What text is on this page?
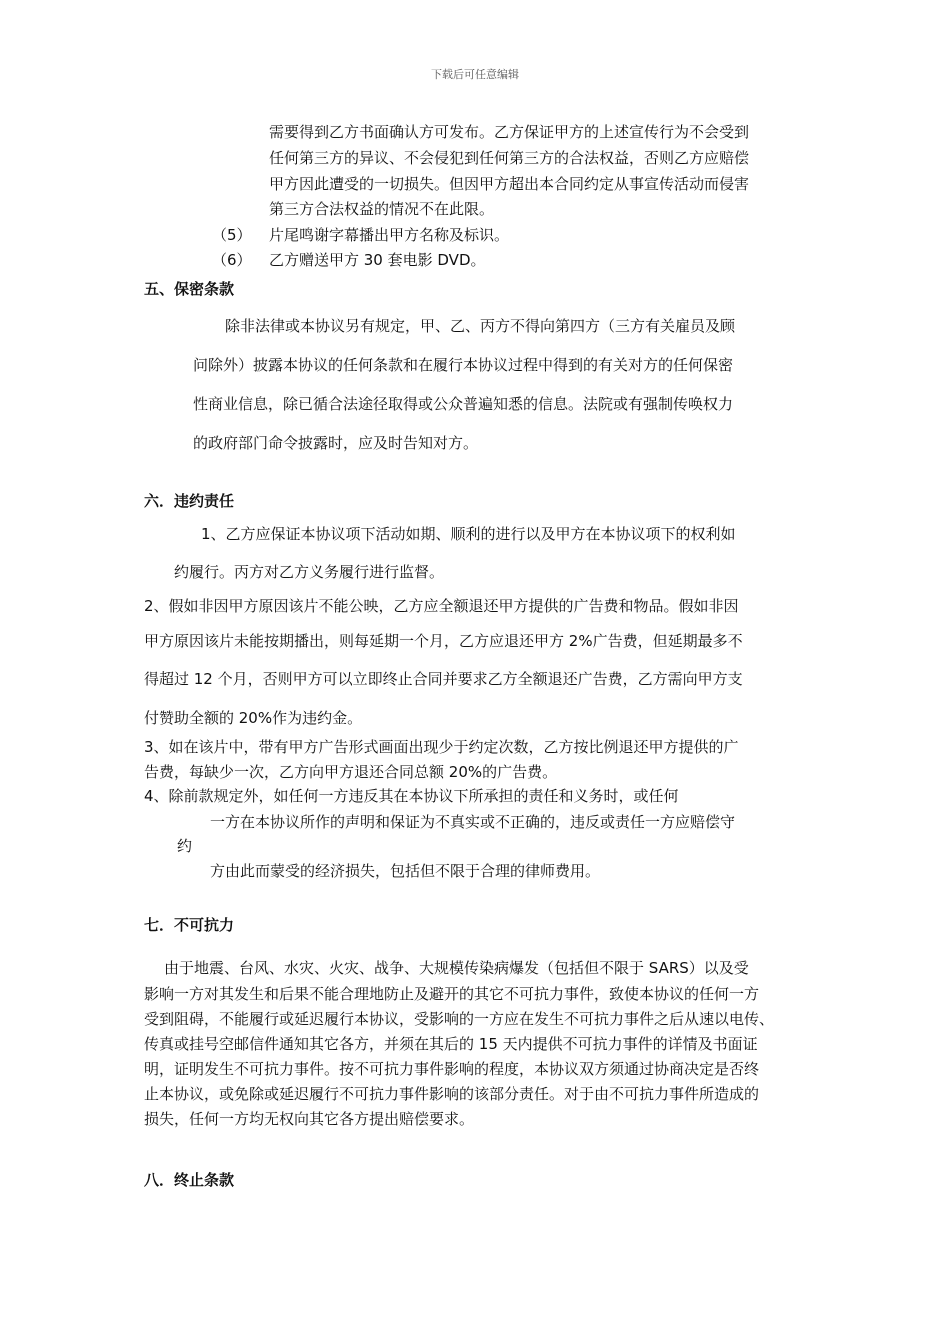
下载后可任意编辑
需要得到乙方书面确认方可发布。乙方保证甲方的上述宣传行为不会受到
任何第三方的异议、不会侵犯到任何第三方的合法权益，否则乙方应赔偿
甲方因此遭受的一切损失。但因甲方超出本合同约定从事宣传活动而侵害
第三方合法权益的情况不在此限。
（5） 片尾鸣谢字幕播出甲方名称及标识。
（6） 乙方赠送甲方 30 套电影 DVD。
五、保密条款
除非法律或本协议另有规定，甲、乙、丙方不得向第四方（三方有关雇员及顾
问除外）披露本协议的任何条款和在履行本协议过程中得到的有关对方的任何保密
性商业信息，除已循合法途径取得或公众普遍知悉的信息。法院或有强制传唤权力
的政府部门命令披露时，应及时告知对方。
六．违约责任
1、乙方应保证本协议项下活动如期、顺利的进行以及甲方在本协议项下的权利如
约履行。丙方对乙方义务履行进行监督。
2、假如非因甲方原因该片不能公映，乙方应全额退还甲方提供的广告费和物品。假如非因
甲方原因该片未能按期播出，则每延期一个月，乙方应退还甲方 2%广告费，但延期最多不
得超过 12 个月，否则甲方可以立即终止合同并要求乙方全额退还广告费，乙方需向甲方支
付赞助全额的 20%作为违约金。
3、如在该片中，带有甲方广告形式画面出现少于约定次数，乙方按比例退还甲方提供的广
告费，每缺少一次，乙方向甲方退还合同总额 20%的广告费。
4、除前款规定外，如任何一方违反其在本协议下所承担的责任和义务时，或任何
一方在本协议所作的声明和保证为不真实或不正确的，违反或责任一方应赔偿守
约
方由此而蒙受的经济损失，包括但不限于合理的律师费用。
七．不可抗力
由于地震、台风、水灾、火灾、战争、大规模传染病爆发（包括但不限于 SARS）以及受
影响一方对其发生和后果不能合理地防止及避开的其它不可抗力事件，致使本协议的任何一方
受到阻碍，不能履行或延迟履行本协议，受影响的一方应在发生不可抗力事件之后从速以电传、
传真或挂号空邮信件通知其它各方，并须在其后的 15 天内提供不可抗力事件的详情及书面证
明，证明发生不可抗力事件。按不可抗力事件影响的程度，本协议双方须通过协商决定是否终
止本协议，或免除或延迟履行不可抗力事件影响的该部分责任。对于由不可抗力事件所造成的
损失，任何一方均无权向其它各方提出赔偿要求。
八．终止条款
